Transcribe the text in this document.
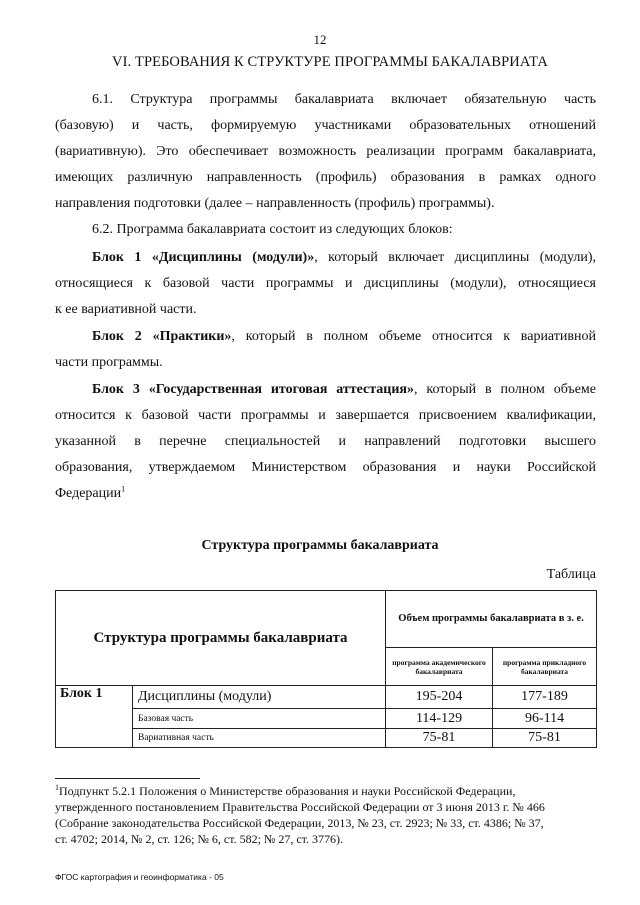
12
VI. ТРЕБОВАНИЯ К СТРУКТУРЕ ПРОГРАММЫ БАКАЛАВРИАТА
6.1. Структура программы бакалавриата включает обязательную часть
(базовую) и часть, формируемую участниками образовательных отношений
(вариативную). Это обеспечивает возможность реализации программ бакалавриата,
имеющих различную направленность (профиль) образования в рамках одного
направления подготовки (далее – направленность (профиль) программы).
6.2. Программа бакалавриата состоит из следующих блоков:
Блок 1 «Дисциплины (модули)», который включает дисциплины (модули),
относящиеся к базовой части программы и дисциплины (модули), относящиеся
к ее вариативной части.
Блок 2 «Практики», который в полном объеме относится к вариативной
части программы.
Блок 3 «Государственная итоговая аттестация», который в полном объеме
относится к базовой части программы и завершается присвоением квалификации,
указанной в перечне специальностей и направлений подготовки высшего
образования, утверждаемом Министерством образования и науки Российской
Федерации$^1$
Структура программы бакалавриата
Таблица
Структура программы бакалавриата		Объем программы бакалавриата в з. е.	
		программа академического бакалавриата	программа прикладного бакалавриата
Блок 1	Дисциплины (модули)	195-204	177-189
	Базовая часть	114-129	96-114
	Вариативная часть	75-81	75-81
$^1$Подпункт 5.2.1 Положения о Министерстве образования и науки Российской Федерации,
утвержденного постановлением Правительства Российской Федерации от 3 июня 2013 г. № 466
(Собрание законодательства Российской Федерации, 2013, № 23, ст. 2923; № 33, ст. 4386; № 37,
ст. 4702; 2014, № 2, ст. 126; № 6, ст. 582; № 27, ст. 3776).
ФГОС картография и геоинформатика - 05
